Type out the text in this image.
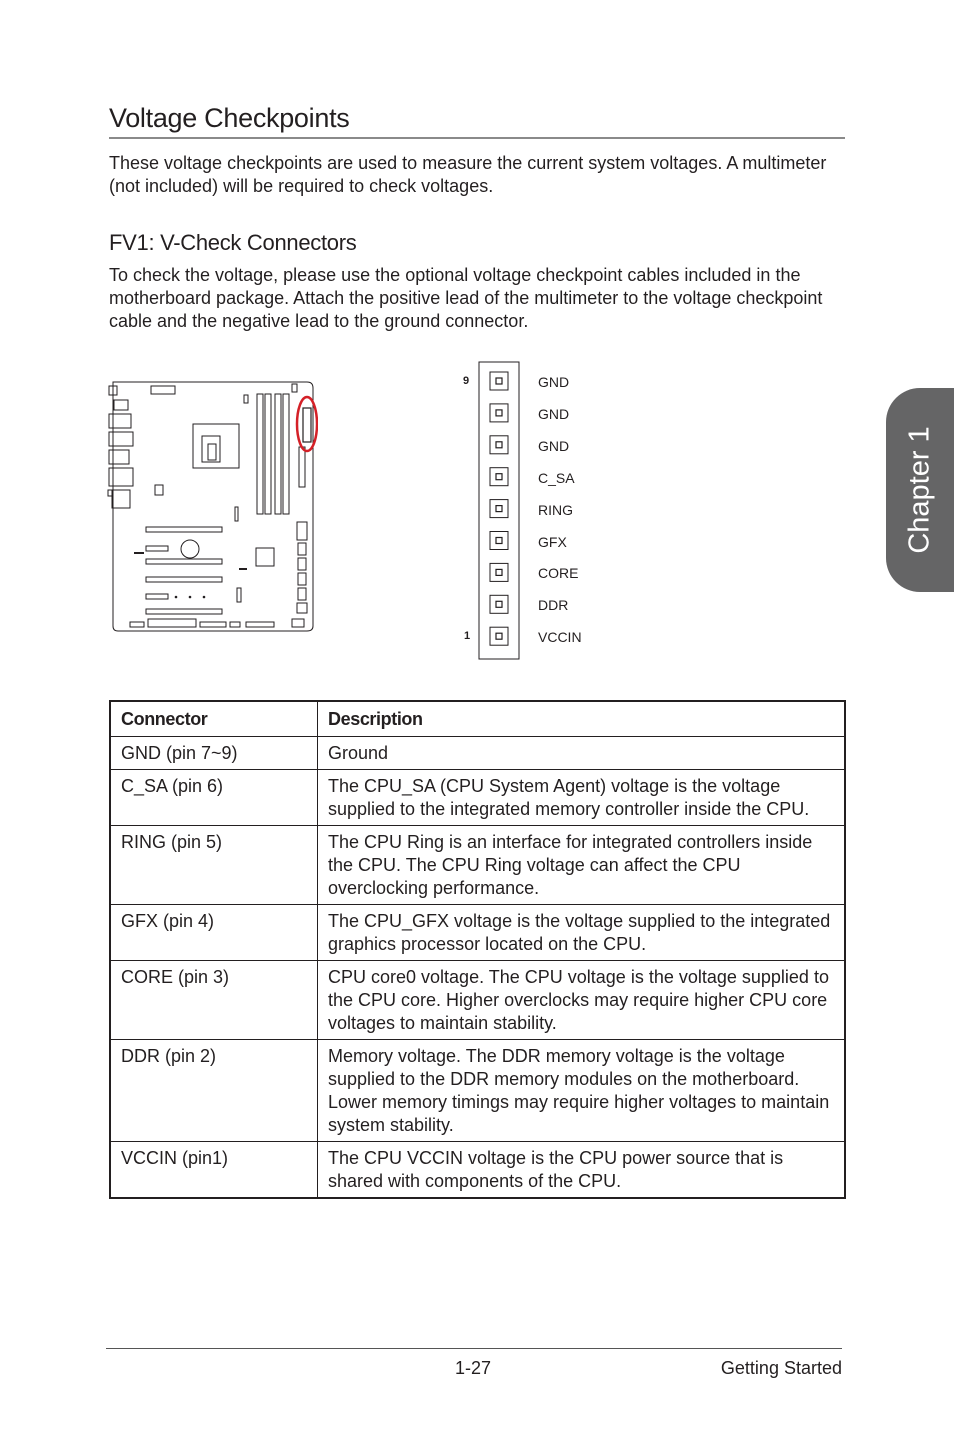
Voltage Checkpoints
These voltage checkpoints are used to measure the current system voltages. A multimeter (not included) will be required to check voltages.
FV1: V-Check Connectors
To check the voltage, please use the optional voltage checkpoint cables included in the motherboard package. Attach the positive lead of the multimeter to the voltage checkpoint cable and the negative lead to the ground connector.
Chapter 1
9
1
GND
GND
GND
C_SA
RING
GFX
CORE
DDR
VCCIN
Connector	Description
GND (pin 7~9)	Ground
C_SA (pin 6)	The CPU_SA (CPU System Agent) voltage is the voltage supplied to the integrated memory controller inside the CPU.
RING (pin 5)	The CPU Ring is an interface for integrated controllers inside the CPU. The CPU Ring voltage can affect the CPU overclocking performance.
GFX (pin 4)	The CPU_GFX voltage is the voltage supplied to the integrated graphics processor located on the CPU.
CORE (pin 3)	CPU core0 voltage. The CPU voltage is the voltage supplied to the CPU core. Higher overclocks may require higher CPU core voltages to maintain stability.
DDR (pin 2)	Memory voltage. The DDR memory voltage is the voltage supplied to the DDR memory modules on the motherboard. Lower memory timings may require higher voltages to maintain system stability.
VCCIN (pin1)	The CPU VCCIN voltage is the CPU power source that is shared with components of the CPU.
1-27	Getting Started
